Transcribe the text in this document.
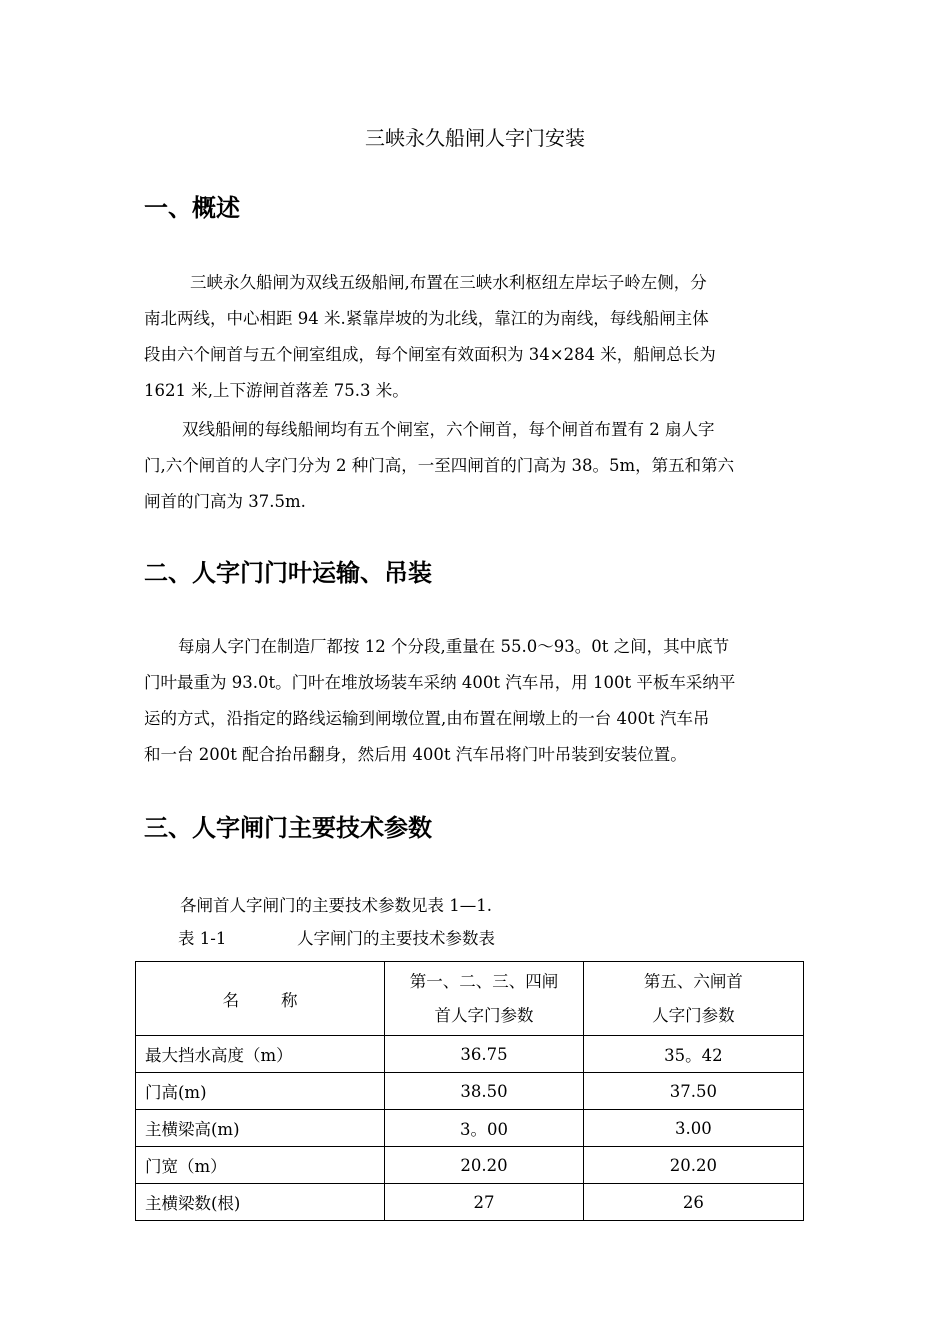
三峡永久船闸人字门安装
一、概述
三峡永久船闸为双线五级船闸,布置在三峡水利枢纽左岸坛子岭左侧，分
南北两线，中心相距 94 米.紧靠岸坡的为北线，靠江的为南线，每线船闸主体
段由六个闸首与五个闸室组成，每个闸室有效面积为 34×284 米，船闸总长为
1621 米,上下游闸首落差 75.3 米。
双线船闸的每线船闸均有五个闸室，六个闸首，每个闸首布置有 2 扇人字
门,六个闸首的人字门分为 2 种门高，一至四闸首的门高为 38。5m，第五和第六
闸首的门高为 37.5m.
二、人字门门叶运输、吊装
每扇人字门在制造厂都按 12 个分段,重量在 55.0～93。0t 之间，其中底节
门叶最重为 93.0t。门叶在堆放场装车采纳 400t 汽车吊，用 100t 平板车采纳平
运的方式，沿指定的路线运输到闸墩位置,由布置在闸墩上的一台 400t 汽车吊
和一台 200t 配合抬吊翻身，然后用 400t 汽车吊将门叶吊装到安装位置。
三、人字闸门主要技术参数
各闸首人字闸门的主要技术参数见表 1—1.
表 1-1	人字闸门的主要技术参数表
名        称	第一、二、三、四闸
首人字门参数	第五、六闸首
人字门参数

最大挡水高度（m）	36.75	35。42
门高(m)	38.50	37.50
主横梁高(m)	3。00	3.00
门宽（m）	20.20	20.20
主横梁数(根)	27	26
